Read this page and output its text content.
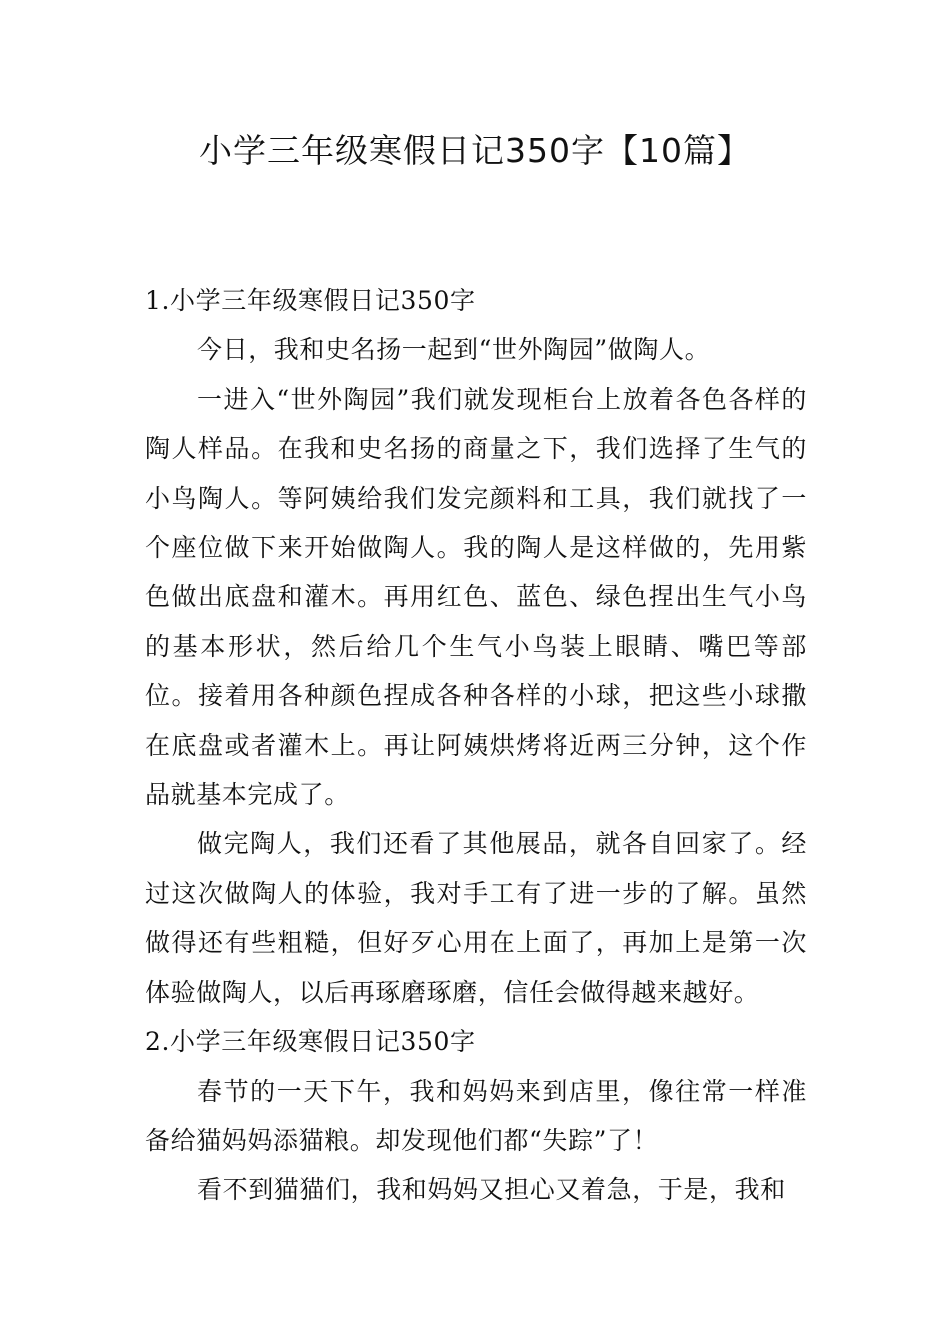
小学三年级寒假日记350字【10篇】

1.小学三年级寒假日记350字

今日，我和史名扬一起到“世外陶园”做陶人。

一进入“世外陶园”我们就发现柜台上放着各色各样的陶人样品。在我和史名扬的商量之下，我们选择了生气的小鸟陶人。等阿姨给我们发完颜料和工具，我们就找了一个座位做下来开始做陶人。我的陶人是这样做的，先用紫色做出底盘和灌木。再用红色、蓝色、绿色捏出生气小鸟的基本形状，然后给几个生气小鸟装上眼睛、嘴巴等部位。接着用各种颜色捏成各种各样的小球，把这些小球撒在底盘或者灌木上。再让阿姨烘烤将近两三分钟，这个作品就基本完成了。

做完陶人，我们还看了其他展品，就各自回家了。经过这次做陶人的体验，我对手工有了进一步的了解。虽然做得还有些粗糙，但好歹心用在上面了，再加上是第一次体验做陶人，以后再琢磨琢磨，信任会做得越来越好。

2.小学三年级寒假日记350字

春节的一天下午，我和妈妈来到店里，像往常一样准备给猫妈妈添猫粮。却发现他们都“失踪”了！

看不到猫猫们，我和妈妈又担心又着急，于是，我和
